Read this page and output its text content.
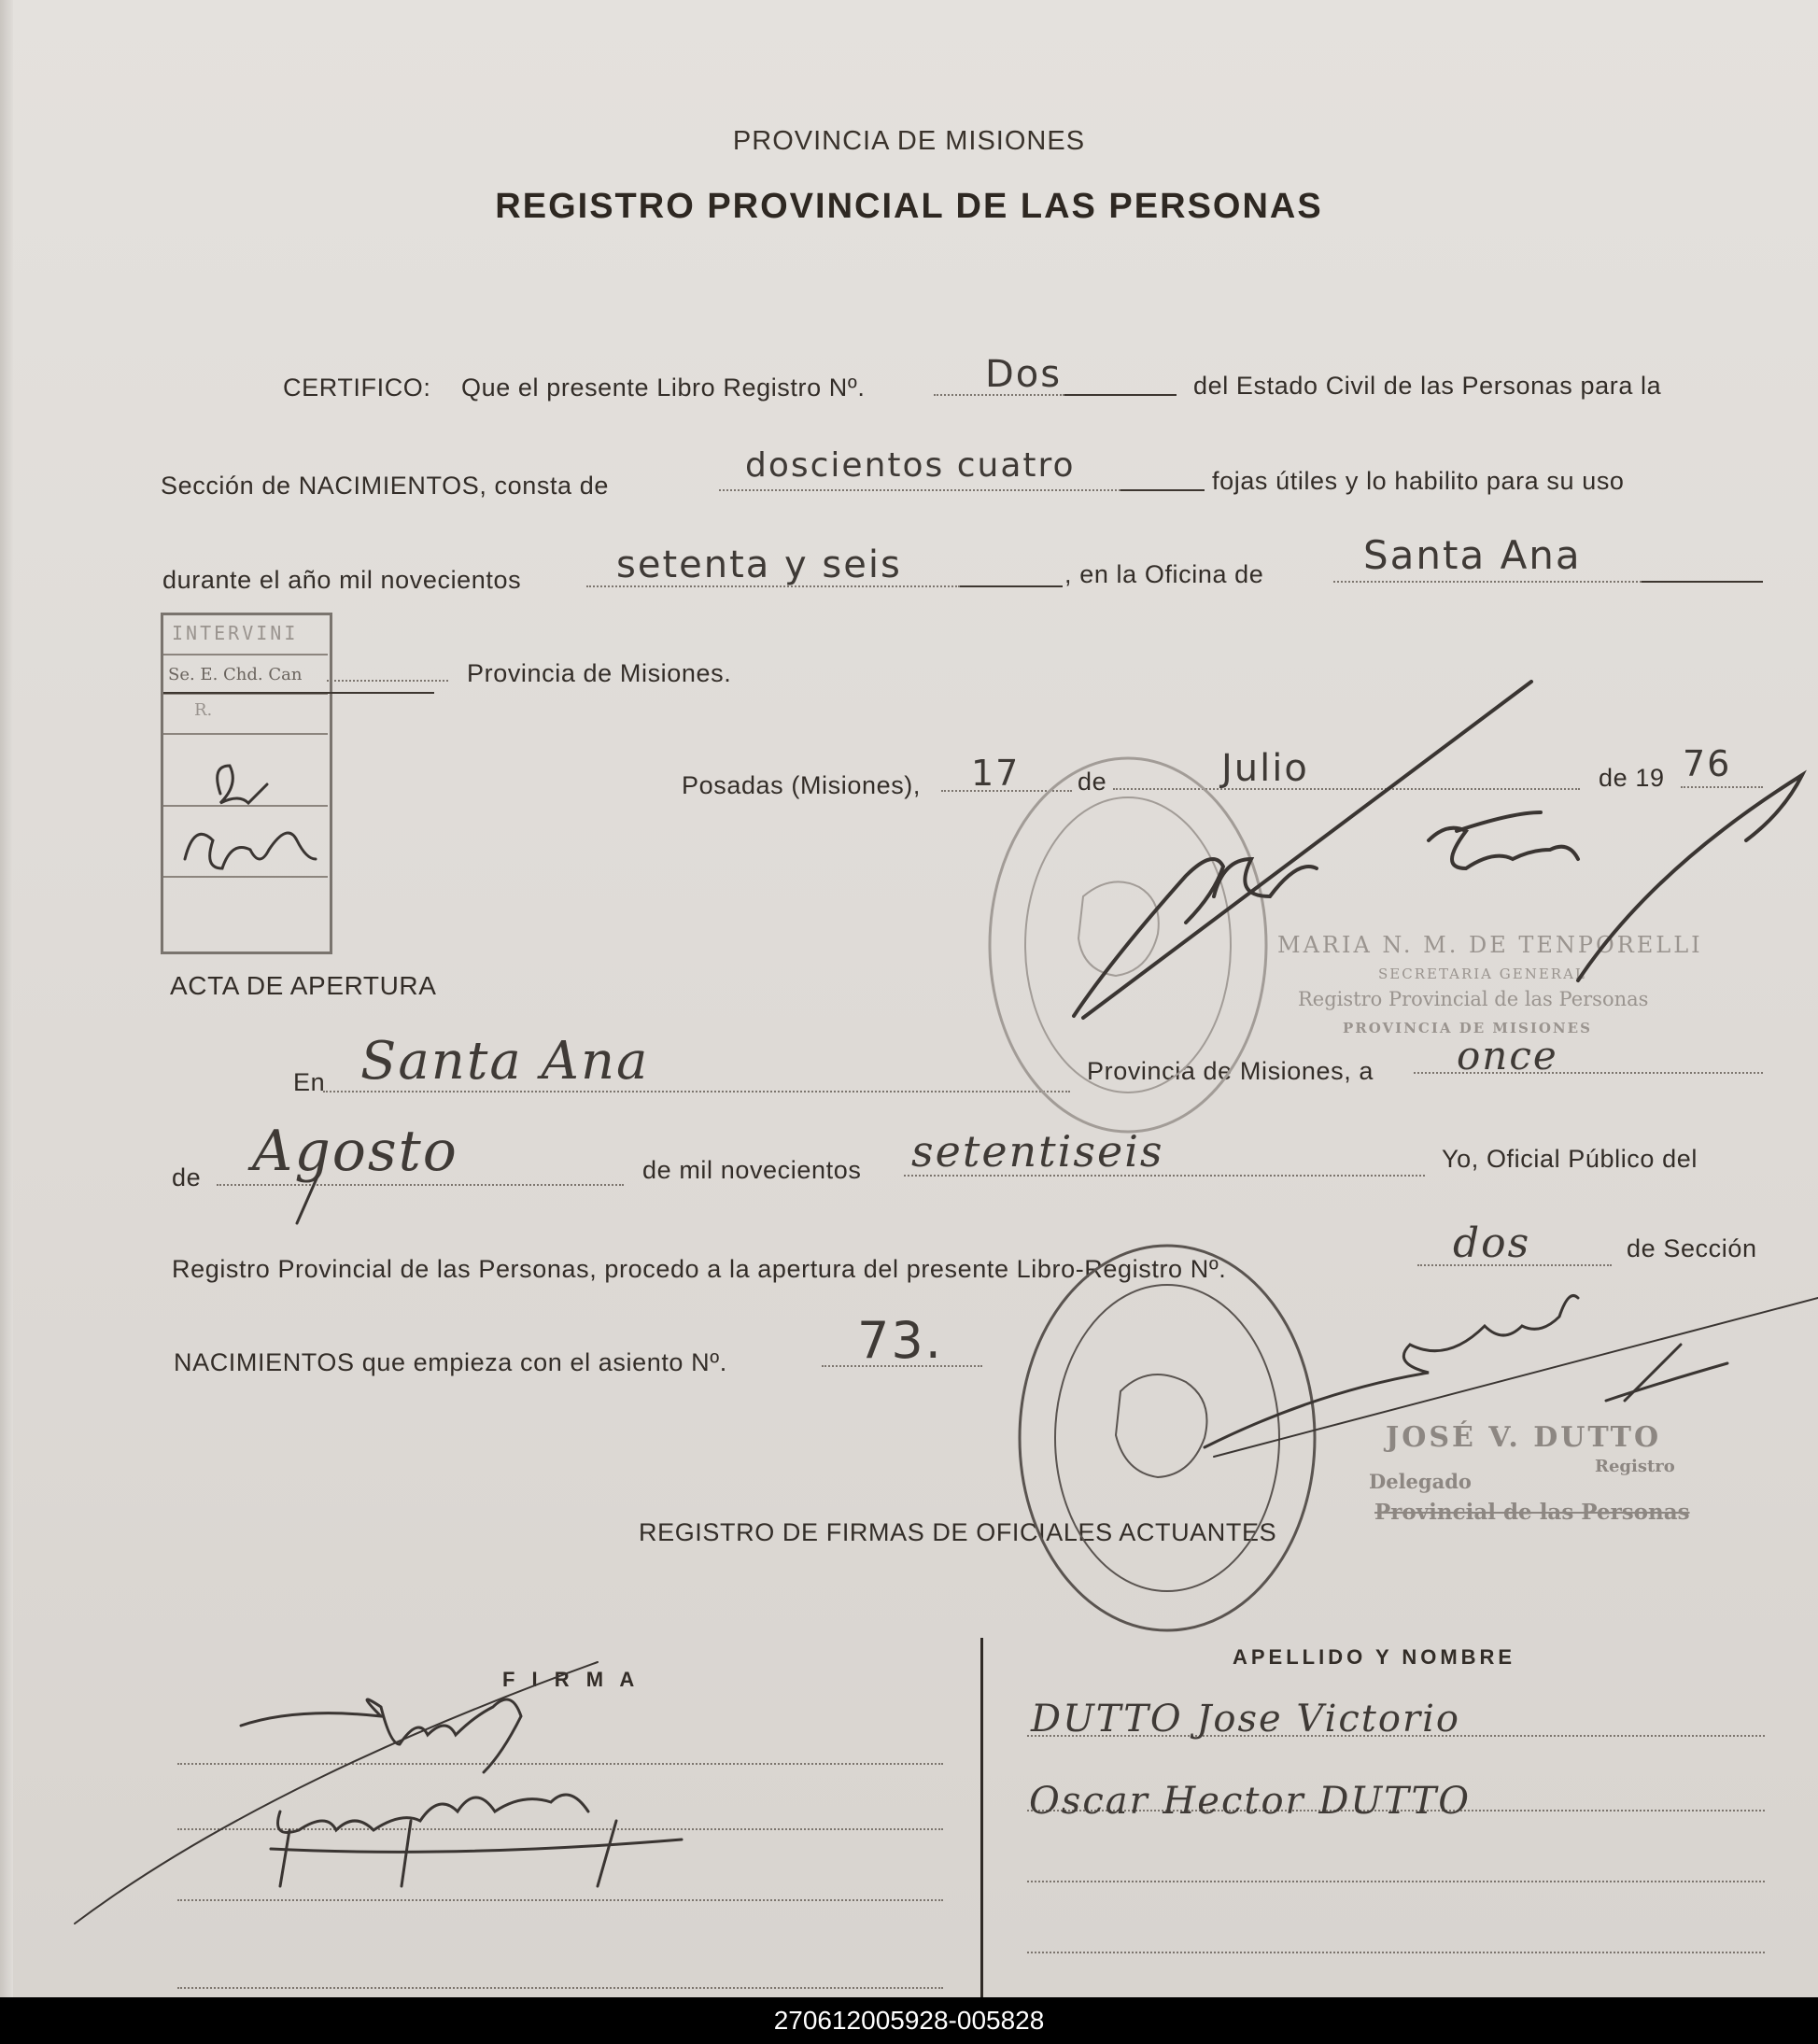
PROVINCIA DE MISIONES
REGISTRO PROVINCIAL DE LAS PERSONAS
CERTIFICO: Que el presente Libro Registro Nº.	Dos	del Estado Civil de las Personas para la
Sección de NACIMIENTOS, consta de
doscientos cuatro	fojas útiles y lo habilito para su uso
durante el año mil novecientos	setenta y seis	, en la Oficina de	Santa Ana
INTERVINI
Se. E. Chd. Can
R.
Provincia de Misiones.
Posadas (Misiones), 17 de	Julio	de 19 76
MARIA N. M. DE TENPORELLI
SECRETARIA GENERAL
Registro Provincial de las Personas
PROVINCIA DE MISIONES
ACTA DE APERTURA
En Santa Ana	Provincia de Misiones, a once
de Agosto	de mil novecientos setentiseis	Yo, Oficial Público del
Registro Provincial de las Personas, procedo a la apertura del presente Libro-Registro Nº.
dos	de Sección
NACIMIENTOS que empieza con el asiento Nº.	73.
JOSÉ V. DUTTO
Delegado
Registro
Provincial de las Personas
REGISTRO DE FIRMAS DE OFICIALES ACTUANTES
F I R M A
APELLIDO Y NOMBRE
DUTTO Jose Victorio
Oscar Hector DUTTO
270612005928-005828
